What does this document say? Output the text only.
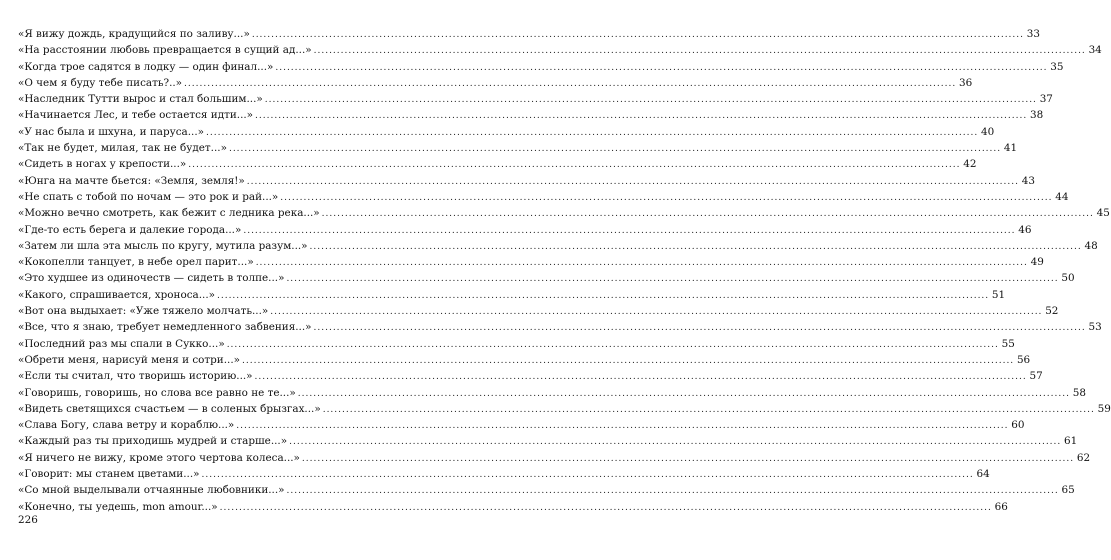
«Я вижу дождь, крадущийся по заливу...» ........................................................................................................................................................................................................ 33
«На расстоянии любовь превращается в сущий ад...» ........................................................................................................................................................................................................ 34
«Когда трое садятся в лодку — один финал...» ........................................................................................................................................................................................................ 35
«О чем я буду тебе писать?..» ........................................................................................................................................................................................................ 36
«Наследник Тутти вырос и стал большим...» ........................................................................................................................................................................................................ 37
«Начинается Лес, и тебе остается идти...» ........................................................................................................................................................................................................ 38
«У нас была и шхуна, и паруса...» ........................................................................................................................................................................................................ 40
«Так не будет, милая, так не будет...» ........................................................................................................................................................................................................ 41
«Сидеть в ногах у крепости...» ........................................................................................................................................................................................................ 42
«Юнга на мачте бьется: «Земля, земля!» ........................................................................................................................................................................................................ 43
«Не спать с тобой по ночам — это рок и рай...» ........................................................................................................................................................................................................ 44
«Можно вечно смотреть, как бежит с ледника река...» ........................................................................................................................................................................................................ 45
«Где-то есть берега и далекие города...» ........................................................................................................................................................................................................ 46
«Затем ли шла эта мысль по кругу, мутила разум...» ........................................................................................................................................................................................................ 48
«Кокопелли танцует, в небе орел парит...» ........................................................................................................................................................................................................ 49
«Это худшее из одиночеств — сидеть в толпе...» ........................................................................................................................................................................................................ 50
«Какого, спрашивается, хроноса...» ........................................................................................................................................................................................................ 51
«Вот она выдыхает: «Уже тяжело молчать...» ........................................................................................................................................................................................................ 52
«Все, что я знаю, требует немедленного забвения...» ........................................................................................................................................................................................................ 53
«Последний раз мы спали в Сукко...» ........................................................................................................................................................................................................ 55
«Обрети меня, нарисуй меня и сотри...» ........................................................................................................................................................................................................ 56
«Если ты считал, что творишь историю...» ........................................................................................................................................................................................................ 57
«Говоришь, говоришь, но слова все равно не те...» ........................................................................................................................................................................................................ 58
«Видеть светящихся счастьем — в соленых брызгах...» ........................................................................................................................................................................................................ 59
«Слава Богу, слава ветру и кораблю...» ........................................................................................................................................................................................................ 60
«Каждый раз ты приходишь мудрей и старше...» ........................................................................................................................................................................................................ 61
«Я ничего не вижу, кроме этого чертова колеса...» ........................................................................................................................................................................................................ 62
«Говорит: мы станем цветами...» ........................................................................................................................................................................................................ 64
«Со мной выделывали отчаянные любовники...» ........................................................................................................................................................................................................ 65
«Конечно, ты уедешь, mon amour...» ........................................................................................................................................................................................................ 66
226
